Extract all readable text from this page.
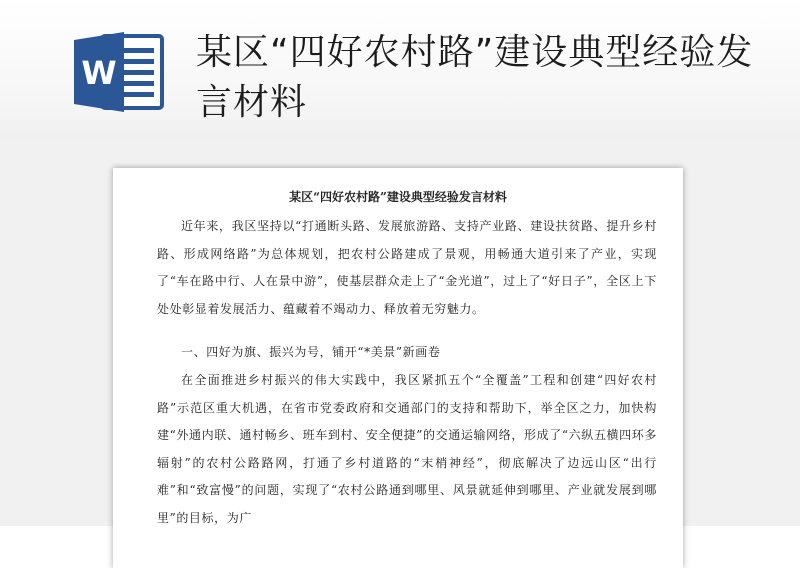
W 某区“四好农村路”建设典型经验发言材料
某区“四好农村路”建设典型经验发言材料
近年来，我区坚持以“打通断头路、发展旅游路、支持产业路、建设扶贫路、提升乡村路、形成网络路”为总体规划，把农村公路建成了景观，用畅通大道引来了产业，实现了“车在路中行、人在景中游”，使基层群众走上了“金光道”，过上了“好日子”，全区上下处处彰显着发展活力、蕴藏着不竭动力、释放着无穷魅力。
一、四好为旗、振兴为号，铺开“*美景”新画卷
在全面推进乡村振兴的伟大实践中，我区紧抓五个“全覆盖”工程和创建“四好农村路”示范区重大机遇，在省市党委政府和交通部门的支持和帮助下，举全区之力，加快构建“外通内联、通村畅乡、班车到村、安全便捷”的交通运输网络，形成了“六纵五横四环多辐射”的农村公路路网，打通了乡村道路的“末梢神经”，彻底解决了边远山区“出行难”和“致富慢”的问题，实现了“农村公路通到哪里、风景就延伸到哪里、产业就发展到哪里”的目标，为广
